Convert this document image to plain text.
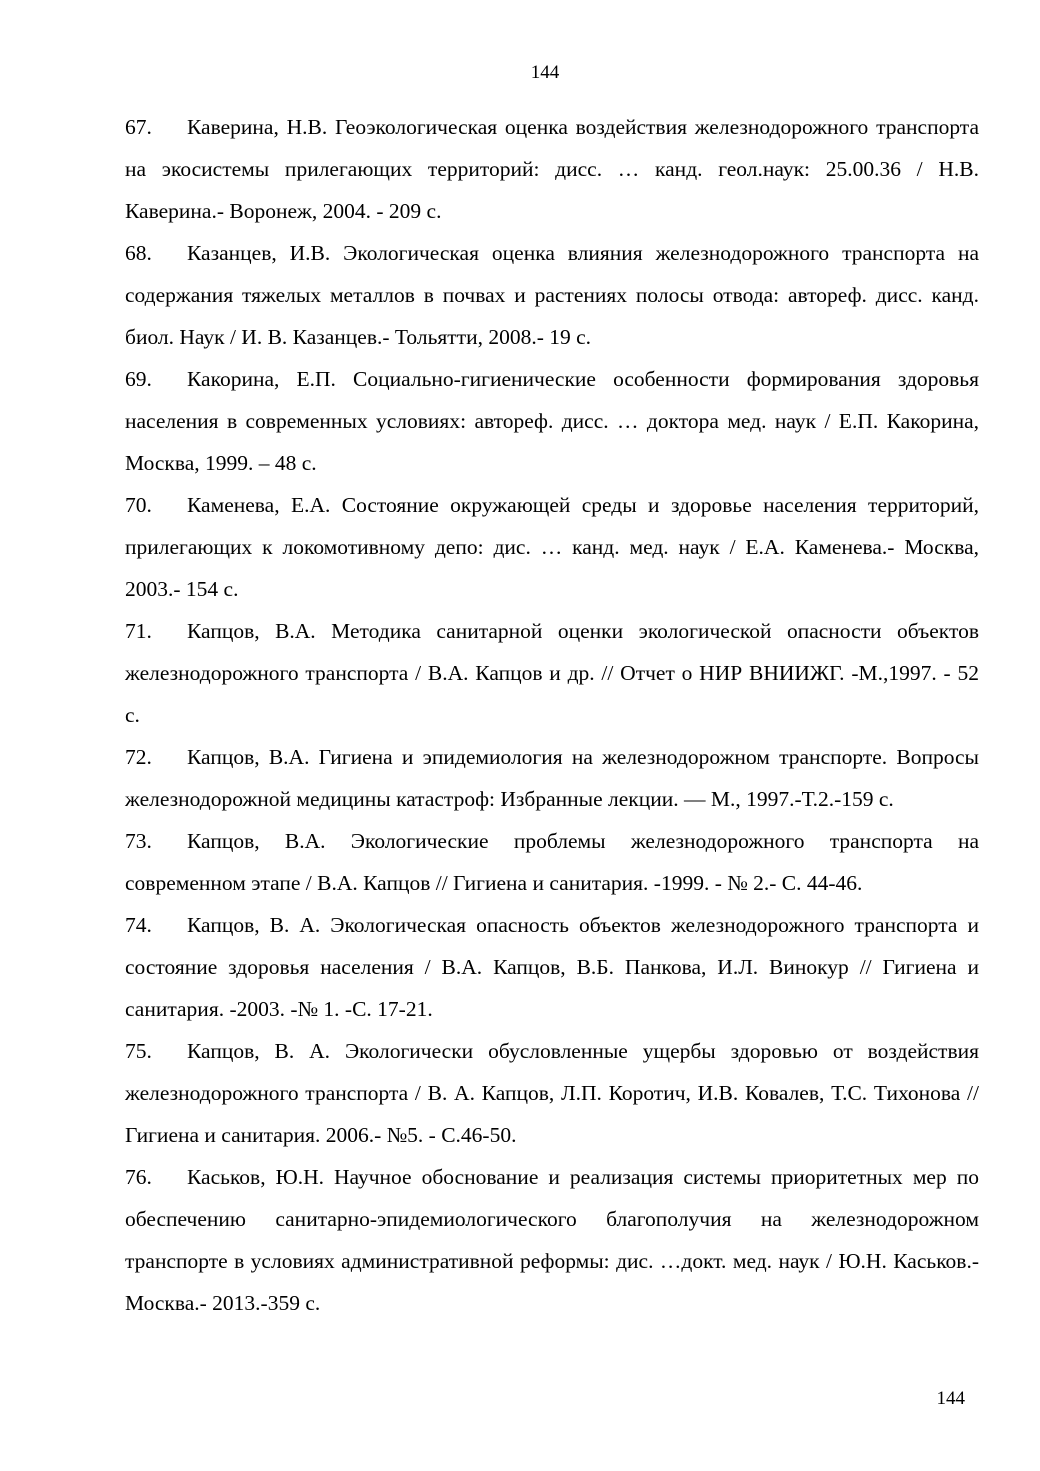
144

67. Каверина, Н.В. Геоэкологическая оценка воздействия железнодорожного транспорта на экосистемы прилегающих территорий: дисс. … канд. геол.наук: 25.00.36 / Н.В. Каверина.- Воронеж, 2004. - 209 с.

68. Казанцев, И.В. Экологическая оценка влияния железнодорожного транспорта на содержания тяжелых металлов в почвах и растениях полосы отвода: автореф. дисс. канд. биол. Наук / И. В. Казанцев.- Тольятти, 2008.- 19 с.

69. Какорина, Е.П. Социально-гигиенические особенности формирования здоровья населения в современных условиях: автореф. дисс. … доктора мед. наук / Е.П. Какорина, Москва, 1999. – 48 с.

70. Каменева, Е.А. Состояние окружающей среды и здоровье населения территорий, прилегающих к локомотивному депо: дис. … канд. мед. наук / Е.А. Каменева.- Москва, 2003.- 154 с.

71. Капцов, В.А. Методика санитарной оценки экологической опасности объектов железнодорожного транспорта / В.А. Капцов и др. // Отчет о НИР ВНИИЖГ. -М.,1997. - 52 с.

72. Капцов, В.А. Гигиена и эпидемиология на железнодорожном транспорте. Вопросы железнодорожной медицины катастроф: Избранные лекции. — М., 1997.-Т.2.-159 с.

73. Капцов, В.А. Экологические проблемы железнодорожного транспорта на современном этапе / В.А. Капцов // Гигиена и санитария. -1999. - № 2.- С. 44-46.

74. Капцов, В. А. Экологическая опасность объектов железнодорожного транспорта и состояние здоровья населения / В.А. Капцов, В.Б. Панкова, И.Л. Винокур // Гигиена и санитария. -2003. -№ 1. -С. 17-21.

75. Капцов, В. А. Экологически обусловленные ущербы здоровью от воздействия железнодорожного транспорта / В. А. Капцов, Л.П. Коротич, И.В. Ковалев, Т.С. Тихонова // Гигиена и санитария. 2006.- №5. - С.46-50.

76. Каськов, Ю.Н. Научное обоснование и реализация системы приоритетных мер по обеспечению санитарно-эпидемиологического благополучия на железнодорожном транспорте в условиях административной реформы: дис. …докт. мед. наук / Ю.Н. Каськов.- Москва.- 2013.-359 с.

144
